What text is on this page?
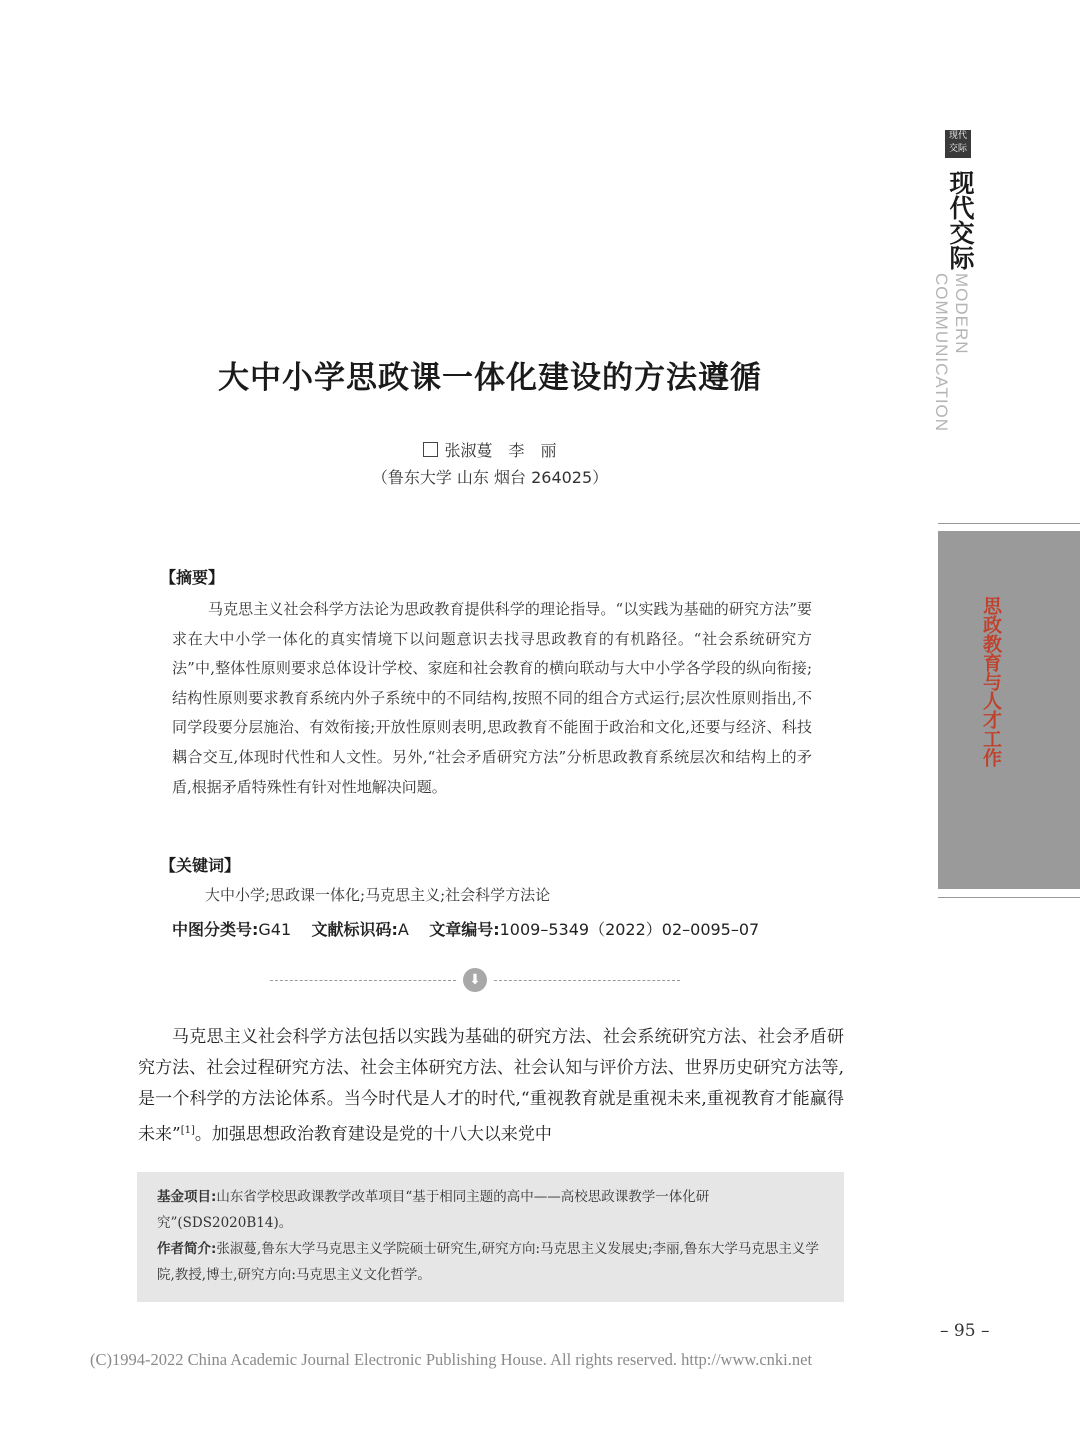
现代交际
现代交际
MODERN COMMUNICATION
思政教育与人才工作
大中小学思政课一体化建设的方法遵循
张淑蔓　李　丽
（鲁东大学 山东 烟台 264025）
【摘要】
马克思主义社会科学方法论为思政教育提供科学的理论指导。“以实践为基础的研究方法”要求在大中小学一体化的真实情境下以问题意识去找寻思政教育的有机路径。“社会系统研究方法”中,整体性原则要求总体设计学校、家庭和社会教育的横向联动与大中小学各学段的纵向衔接;结构性原则要求教育系统内外子系统中的不同结构,按照不同的组合方式运行;层次性原则指出,不同学段要分层施治、有效衔接;开放性原则表明,思政教育不能囿于政治和文化,还要与经济、科技耦合交互,体现时代性和人文性。另外,“社会矛盾研究方法”分析思政教育系统层次和结构上的矛盾,根据矛盾特殊性有针对性地解决问题。
【关键词】
大中小学;思政课一体化;马克思主义;社会科学方法论
中图分类号:G41 文献标识码:A 文章编号:1009–5349（2022）02–0095–07
⬇
马克思主义社会科学方法包括以实践为基础的研究方法、社会系统研究方法、社会矛盾研究方法、社会过程研究方法、社会主体研究方法、社会认知与评价方法、世界历史研究方法等,是一个科学的方法论体系。当今时代是人才的时代,“重视教育就是重视未来,重视教育才能赢得未来”[1]。加强思想政治教育建设是党的十八大以来党中
基金项目:山东省学校思政课教学改革项目“基于相同主题的高中——高校思政课教学一体化研究”(SDS2020B14)。
作者简介:张淑蔓,鲁东大学马克思主义学院硕士研究生,研究方向:马克思主义发展史;李丽,鲁东大学马克思主义学院,教授,博士,研究方向:马克思主义文化哲学。
– 95 –
(C)1994-2022 China Academic Journal Electronic Publishing House. All rights reserved. http://www.cnki.net
